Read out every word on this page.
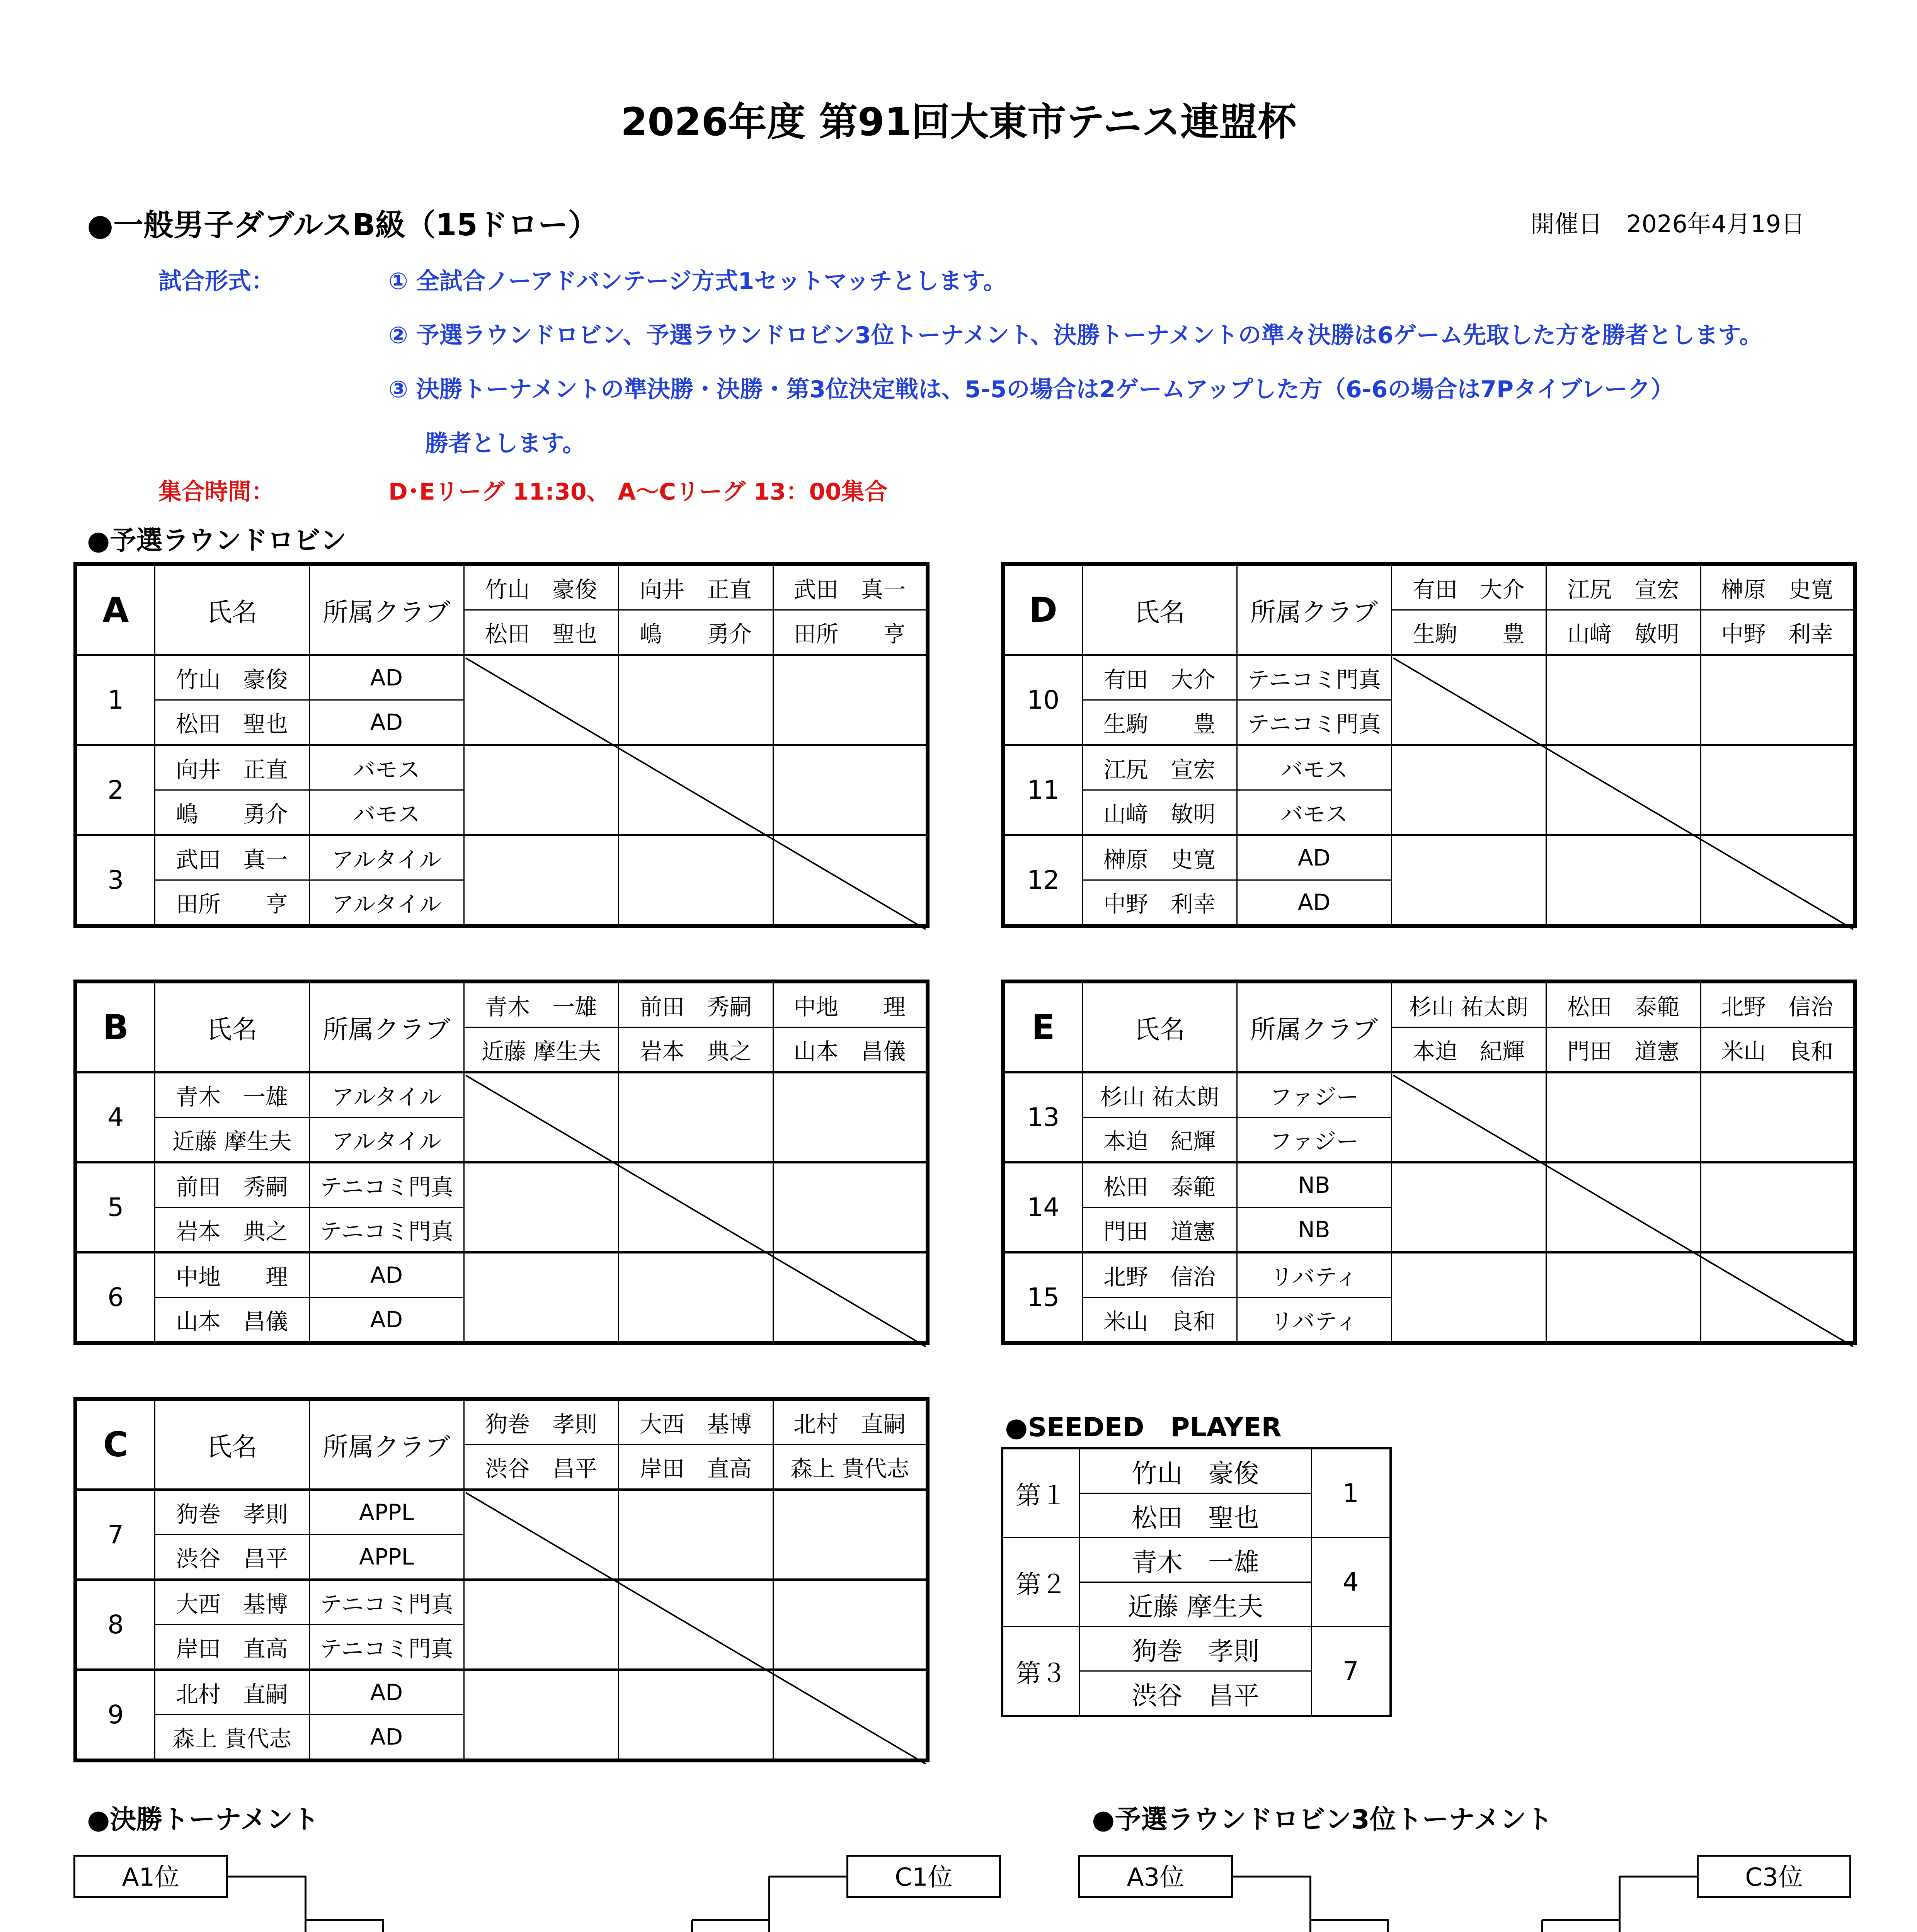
2026年度 第91回大東市テニス連盟杯
●一般男子ダブルスB級（15ドロー）	開催日　2026年4月19日
試合形式：	① 全試合ノーアドバンテージ方式1セットマッチとします。
② 予選ラウンドロビン、予選ラウンドロビン3位トーナメント、決勝トーナメントの準々決勝は6ゲーム先取した方を勝者とします。
③ 決勝トーナメントの準決勝・決勝・第3位決定戦は、5-5の場合は2ゲームアップした方（6-6の場合は7Pタイブレーク）
勝者とします。
集合時間：	D･Eリーグ 11:30、 A～Cリーグ 13：00集合
●予選ラウンドロビン
A	氏名	所属クラブ	竹山　豪俊	向井　正直	武田　真一
			松田　聖也	嶋　　勇介	田所　　亨
1	竹山　豪俊	AD			
	松田　聖也	AD			
2	向井　正直	バモス			
	嶋　　勇介	バモス			
3	武田　真一	アルタイル			
	田所　　亨	アルタイル			
D	氏名	所属クラブ	有田　大介	江尻　宣宏	榊原　史寛
			生駒　　豊	山﨑　敏明	中野　利幸
10	有田　大介	テニコミ門真			
	生駒　　豊	テニコミ門真			
11	江尻　宣宏	バモス			
	山﨑　敏明	バモス			
12	榊原　史寛	AD			
	中野　利幸	AD			
B	氏名	所属クラブ	青木　一雄	前田　秀嗣	中地　　理
			近藤 摩生夫	岩本　典之	山本　昌儀
4	青木　一雄	アルタイル			
	近藤 摩生夫	アルタイル			
5	前田　秀嗣	テニコミ門真			
	岩本　典之	テニコミ門真			
6	中地　　理	AD			
	山本　昌儀	AD			
E	氏名	所属クラブ	杉山 祐太朗	松田　泰範	北野　信治
			本迫　紀輝	門田　道憲	米山　良和
13	杉山 祐太朗	ファジー			
	本迫　紀輝	ファジー			
14	松田　泰範	NB			
	門田　道憲	NB			
15	北野　信治	リバティ			
	米山　良和	リバティ			
C	氏名	所属クラブ	狗巻　孝則	大西　基博	北村　直嗣
			渋谷　昌平	岸田　直高	森上 貴代志
7	狗巻　孝則	APPL			
	渋谷　昌平	APPL			
8	大西　基博	テニコミ門真			
	岸田　直高	テニコミ門真			
9	北村　直嗣	AD			
	森上 貴代志	AD			
●SEEDED　PLAYER
第１	竹山　豪俊	1
	松田　聖也	
第２	青木　一雄	4
	近藤 摩生夫	
第３	狗巻　孝則	7
	渋谷　昌平	
●決勝トーナメント	●予選ラウンドロビン3位トーナメント
A1位	C1位	A3位	C3位
